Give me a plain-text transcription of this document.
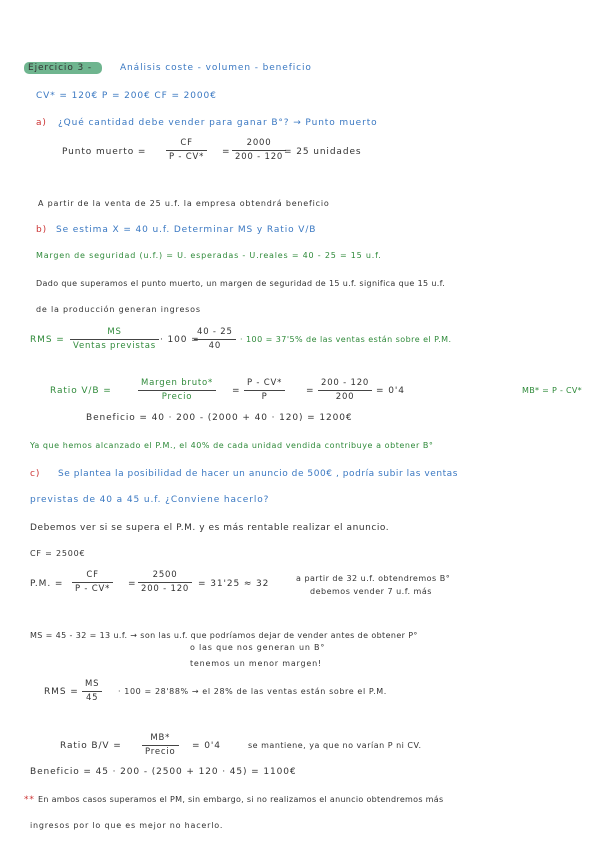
Ejercicio 3 -	Análisis coste - volumen - beneficio
CV* = 120€ P = 200€ CF = 2000€
a) ¿Qué cantidad debe vender para ganar B°? → Punto muerto
Punto muerto =
CF
P - CV*	=
2000
200 - 120 = 25 unidades
A partir de la venta de 25 u.f. la empresa obtendrá beneficio
b) Se estima X = 40 u.f. Determinar MS y Ratio V/B
Margen de seguridad (u.f.) = U. esperadas - U.reales = 40 - 25 = 15 u.f.
Dado que superamos el punto muerto, un margen de seguridad de 15 u.f. significa que 15 u.f.
de la producción generan ingresos
RMS =
MS
Ventas previstas
· 100 =
40 - 25
40
· 100 = 37'5% de las ventas están sobre el P.M.
Ratio V/B =
Margen bruto*
Precio
=
P - CV*
P
=
200 - 120
200
= 0'4	MB* = P - CV*
Beneficio = 40 · 200 - (2000 + 40 · 120) = 1200€
Ya que hemos alcanzado el P.M., el 40% de cada unidad vendida contribuye a obtener B°
c) Se plantea la posibilidad de hacer un anuncio de 500€ , podría subir las ventas
previstas de 40 a 45 u.f. ¿Conviene hacerlo?
Debemos ver si se supera el P.M. y es más rentable realizar el anuncio.
CF = 2500€
P.M. =
CF
P - CV*	=
2500
200 - 120 = 31'25 ≈ 32
a partir de 32 u.f. obtendremos B°
debemos vender 7 u.f. más
MS = 45 - 32 = 13 u.f. → son las u.f. que podríamos dejar de vender antes de obtener P°
o las que nos generan un B°
tenemos un menor margen!
RMS =
MS
45
· 100 = 28'88% → el 28% de las ventas están sobre el P.M.
Ratio B/V =
MB*
Precio
= 0'4	se mantiene, ya que no varían P ni CV.
Beneficio = 45 · 200 - (2500 + 120 · 45) = 1100€
** En ambos casos superamos el PM, sin embargo, si no realizamos el anuncio obtendremos más
ingresos por lo que es mejor no hacerlo.
